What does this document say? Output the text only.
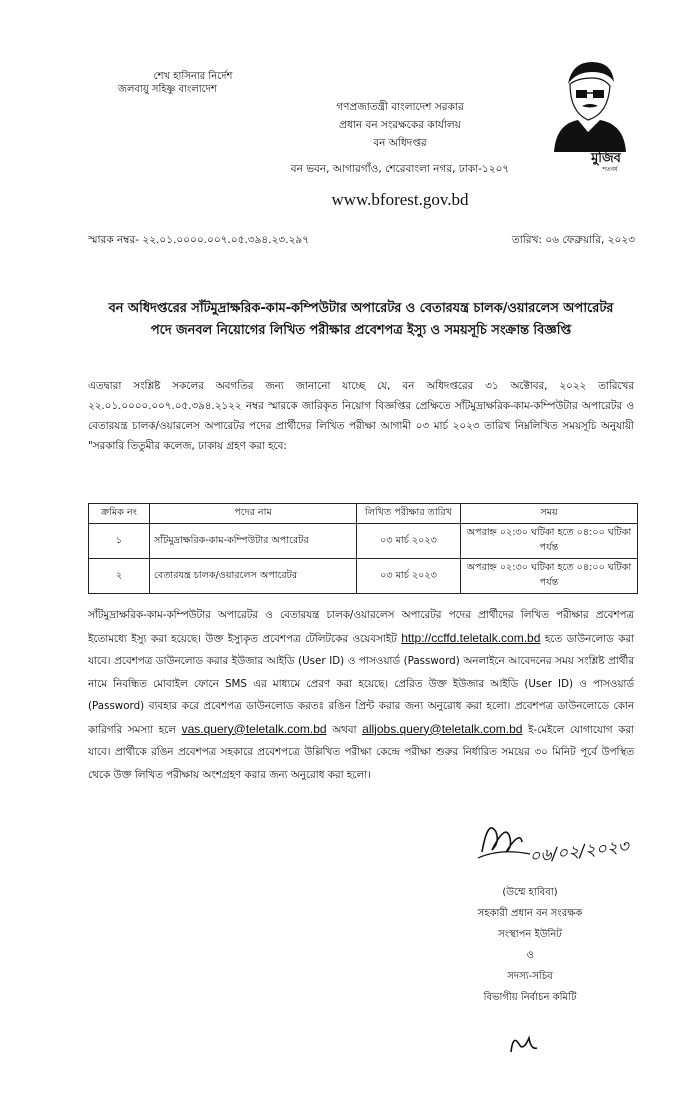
শেখ হাসিনার নির্দেশ
জলবায়ু সহিষ্ণু বাংলাদেশ
গণপ্রজাতন্ত্রী বাংলাদেশ সরকার
প্রধান বন সংরক্ষকের কার্যালয়
বন অধিদপ্তর
বন ভবন, আগারগাঁও, শেরেবাংলা নগর, ঢাকা-১২০৭
www.bforest.gov.bd
মুজিব
শতবর্ষ
স্মারক নম্বর- ২২.০১.০০০০.০০৭.০৫.৩৯৪.২৩.২৯৭	তারিখ: ০৬ ফেব্রুয়ারি, ২০২৩
বন অধিদপ্তরের সাঁটমুদ্রাক্ষরিক-কাম-কম্পিউটার অপারেটর ও বেতারযন্ত্র চালক/ওয়ারলেস অপারেটর
পদে জনবল নিয়োগের লিখিত পরীক্ষার প্রবেশপত্র ইস্যু ও সময়সূচি সংক্রান্ত বিজ্ঞপ্তি
এতদ্বারা সংশ্লিষ্ট সকলের অবগতির জন্য জানানো যাচ্ছে যে, বন অধিদপ্তরের ৩১ অক্টোবর, ২০২২ তারিখের ২২.০১.০০০০.০০৭.০৫.৩৯৪.২১২২ নম্বর স্মারকে জারিকৃত নিয়োগ বিজ্ঞপ্তির প্রেক্ষিতে সাঁটমুদ্রাক্ষরিক-কাম-কম্পিউটার অপারেটর ও বেতারযন্ত্র চালক/ওয়ারলেস অপারেটর পদের প্রার্থীদের লিখিত পরীক্ষা আগামী ০৩ মার্চ ২০২৩ তারিখ নিম্নলিখিত সময়সূচি অনুযায়ী "সরকারি তিতুমীর কলেজ, ঢাকায় গ্রহণ করা হবে:
ক্রমিক নং	পদের নাম	লিখিত পরীক্ষার তারিখ	সময়
১	সাঁটমুদ্রাক্ষরিক-কাম-কম্পিউটার অপারেটর	০৩ মার্চ ২০২৩	অপরাহ্ন ০২:৩০ ঘটিকা হতে ০৪:০০ ঘটিকা পর্যন্ত
২	বেতারযন্ত্র চালক/ওয়ারলেস অপারেটর	০৩ মার্চ ২০২৩	অপরাহ্ন ০২:৩০ ঘটিকা হতে ০৪:০০ ঘটিকা পর্যন্ত
সাঁটমুদ্রাক্ষরিক-কাম-কম্পিউটার অপারেটর ও বেতারযন্ত্র চালক/ওয়ারলেস অপারেটর পদের প্রার্থীদের লিখিত পরীক্ষার প্রবেশপত্র ইতোমধ্যে ইস্যু করা হয়েছে। উক্ত ইস্যুকৃত প্রবেশপত্র টেলিটকের ওয়েবসাইট http://ccffd.teletalk.com.bd হতে ডাউনলোড করা যাবে। প্রবেশপত্র ডাউনলোড করার ইউজার আইডি (User ID) ও পাসওয়ার্ড (Password) অনলাইনে আবেদনের সময় সংশ্লিষ্ট প্রার্থীর নামে নিবন্ধিত মোবাইল ফোনে SMS এর মাধ্যমে প্রেরণ করা হয়েছে। প্রেরিত উক্ত ইউজার আইডি (User ID) ও পাসওয়ার্ড (Password) ব্যবহার করে প্রবেশপত্র ডাউনলোড করতঃ রঙিন প্রিন্ট করার জন্য অনুরোধ করা হলো। প্রবেশপত্র ডাউনলোডে কোন কারিগরি সমস্যা হলে vas.query@teletalk.com.bd অথবা alljobs.query@teletalk.com.bd ই-মেইলে যোগাযোগ করা যাবে। প্রার্থীকে রঙিন প্রবেশপত্র সহকারে প্রবেশপত্রে উল্লিখিত পরীক্ষা কেন্দ্রে পরীক্ষা শুরুর নির্ধারিত সময়ের ৩০ মিনিট পূর্বে উপস্থিত থেকে উক্ত লিখিত পরীক্ষায় অংশগ্রহণ করার জন্য অনুরোধ করা হলো।
০৬/০২/২০২৩
(উম্মে হাবিবা)
সহকারী প্রধান বন সংরক্ষক
সংস্থাপন ইউনিট
ও
সদস্য-সচিব
বিভাগীয় নির্বাচন কমিটি
